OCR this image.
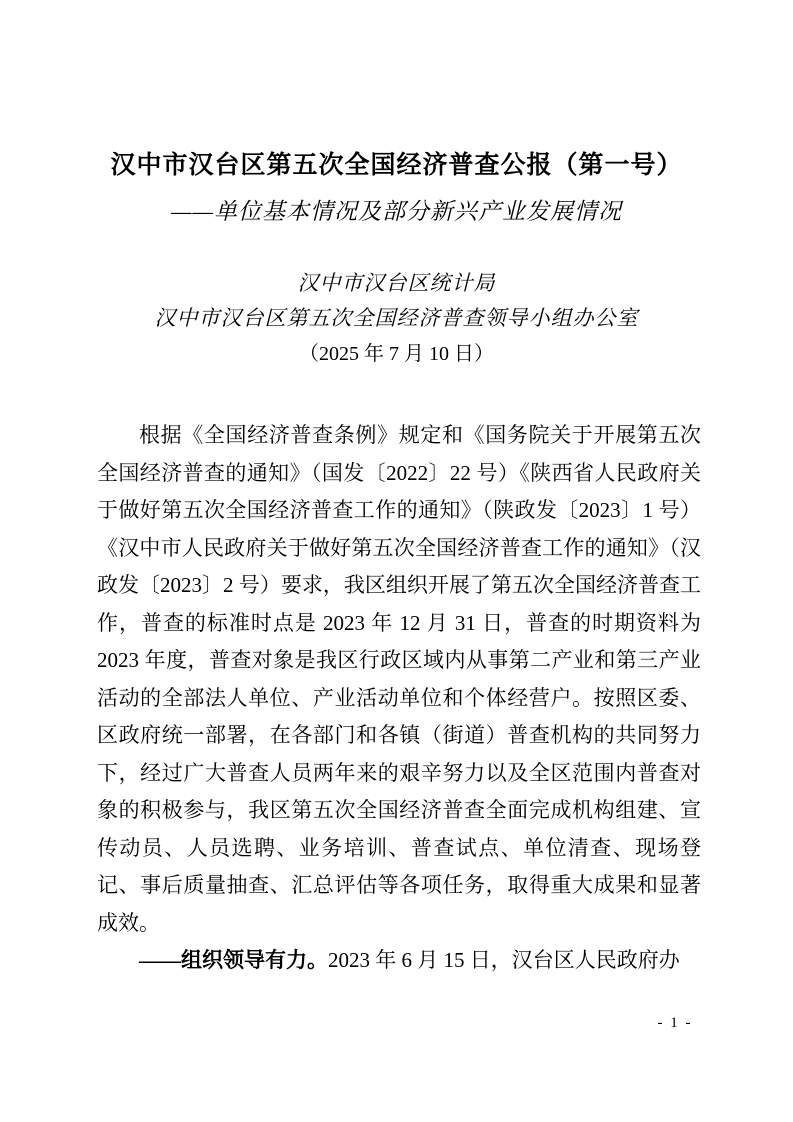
汉中市汉台区第五次全国经济普查公报（第一号）
——单位基本情况及部分新兴产业发展情况
汉中市汉台区统计局
汉中市汉台区第五次全国经济普查领导小组办公室
（2025 年 7 月 10 日）

根据《全国经济普查条例》规定和《国务院关于开展第五次全国经济普查的通知》（国发〔2022〕22 号）《陕西省人民政府关于做好第五次全国经济普查工作的通知》（陕政发〔2023〕1 号）《汉中市人民政府关于做好第五次全国经济普查工作的通知》（汉政发〔2023〕2 号）要求，我区组织开展了第五次全国经济普查工作，普查的标准时点是 2023 年 12 月 31 日，普查的时期资料为 2023 年度，普查对象是我区行政区域内从事第二产业和第三产业活动的全部法人单位、产业活动单位和个体经营户。按照区委、区政府统一部署，在各部门和各镇（街道）普查机构的共同努力下，经过广大普查人员两年来的艰辛努力以及全区范围内普查对象的积极参与，我区第五次全国经济普查全面完成机构组建、宣传动员、人员选聘、业务培训、普查试点、单位清查、现场登记、事后质量抽查、汇总评估等各项任务，取得重大成果和显著成效。

——组织领导有力。2023 年 6 月 15 日，汉台区人民政府办

- 1 -
